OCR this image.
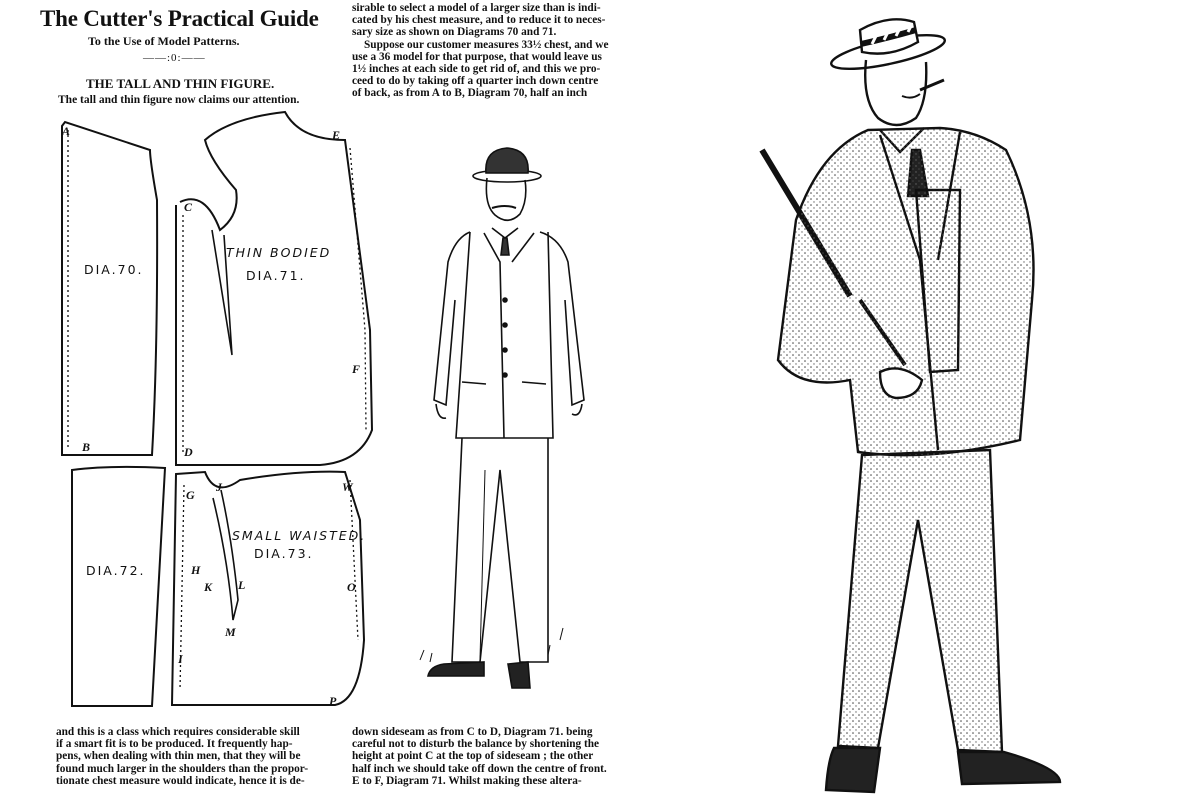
The Cutter's Practical Guide
To the Use of Model Patterns.
——:0:——
THE TALL AND THIN FIGURE.
The tall and thin figure now claims our attention.
sirable to select a model of a larger size than is indi-
cated by his chest measure, and to reduce it to neces-
sary size as shown on Diagrams 70 and 71.
Suppose our customer measures 33½ chest, and we
use a 36 model for that purpose, that would leave us
1½ inches at each side to get rid of, and this we pro-
ceed to do by taking off a quarter inch down centre
of back, as from A to B, Diagram 70, half an inch
and this is a class which requires considerable skill
if a smart fit is to be produced. It frequently hap-
pens, when dealing with thin men, that they will be
found much larger in the shoulders than the propor-
tionate chest measure would indicate, hence it is de-
down sideseam as from C to D, Diagram 71. being
careful not to disturb the balance by shortening the
height at point C at the top of sideseam ; the other
half inch we should take off down the centre of front.
E to F, Diagram 71. Whilst making these altera-
DIA.70.
THIN BODIED
DIA.71.
DIA.72.
SMALL WAISTED.
DIA.73.
A
B
C
D
E
F
G
J	W
H
K L
M
O
I
P
